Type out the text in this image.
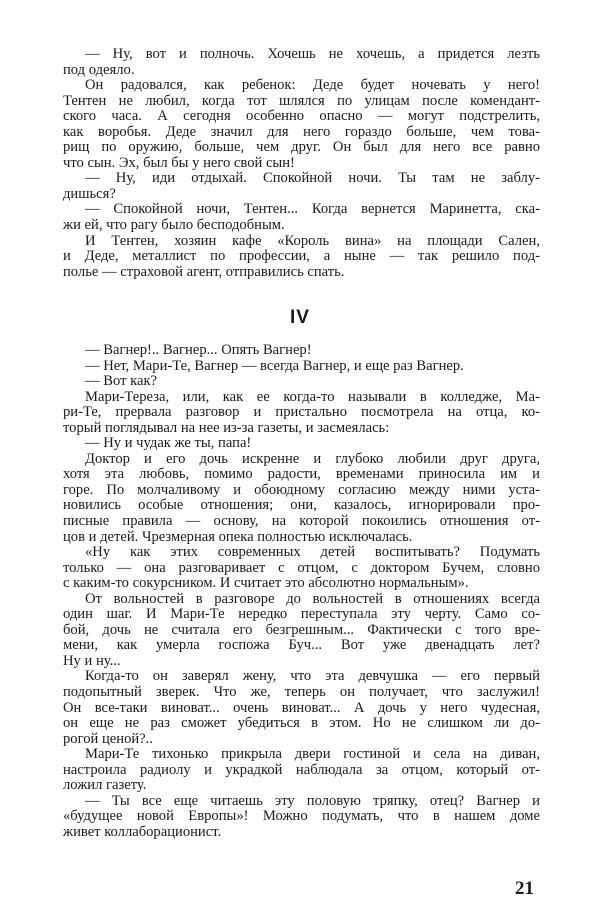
— Ну, вот и полночь. Хочешь не хочешь, а придется лезть
под одеяло.
Он радовался, как ребенок: Деде будет ночевать у него!
Тентен не любил, когда тот шлялся по улицам после комендант-
ского часа. А сегодня особенно опасно — могут подстрелить,
как воробья. Деде значил для него гораздо больше, чем това-
рищ по оружию, больше, чем друг. Он был для него все равно
что сын. Эх, был бы у него свой сын!
— Ну, иди отдыхай. Спокойной ночи. Ты там не заблу-
дишься?
— Спокойной ночи, Тентен... Когда вернется Маринетта, ска-
жи ей, что рагу было бесподобным.
И Тентен, хозяин кафе «Король вина» на площади Сален,
и Деде, металлист по профессии, а ныне — так решило под-
полье — страховой агент, отправились спать.
IV
— Вагнер!.. Вагнер... Опять Вагнер!
— Нет, Мари-Те, Вагнер — всегда Вагнер, и еще раз Вагнер.
— Вот как?
Мари-Тереза, или, как ее когда-то называли в колледже, Ма-
ри-Те, прервала разговор и пристально посмотрела на отца, ко-
торый поглядывал на нее из-за газеты, и засмеялась:
— Ну и чудак же ты, папа!
Доктор и его дочь искренне и глубоко любили друг друга,
хотя эта любовь, помимо радости, временами приносила им и
горе. По молчаливому и обоюдному согласию между ними уста-
новились особые отношения; они, казалось, игнорировали про-
писные правила — основу, на которой покоились отношения от-
цов и детей. Чрезмерная опека полностью исключалась.
«Ну как этих современных детей воспитывать? Подумать
только — она разговаривает с отцом, с доктором Бучем, словно
с каким-то сокурсником. И считает это абсолютно нормальным».
От вольностей в разговоре до вольностей в отношениях всегда
один шаг. И Мари-Те нередко переступала эту черту. Само со-
бой, дочь не считала его безгрешным... Фактически с того вре-
мени, как умерла госпожа Буч... Вот уже двенадцать лет?
Ну и ну...
Когда-то он заверял жену, что эта девчушка — его первый
подопытный зверек. Что же, теперь он получает, что заслужил!
Он все-таки виноват... очень виноват... А дочь у него чудесная,
он еще не раз сможет убедиться в этом. Но не слишком ли до-
рогой ценой?..
Мари-Те тихонько прикрыла двери гостиной и села на диван,
настроила радиолу и украдкой наблюдала за отцом, который от-
ложил газету.
— Ты все еще читаешь эту половую тряпку, отец? Вагнер и
«будущее новой Европы»! Можно подумать, что в нашем доме
живет коллаборационист.
21
